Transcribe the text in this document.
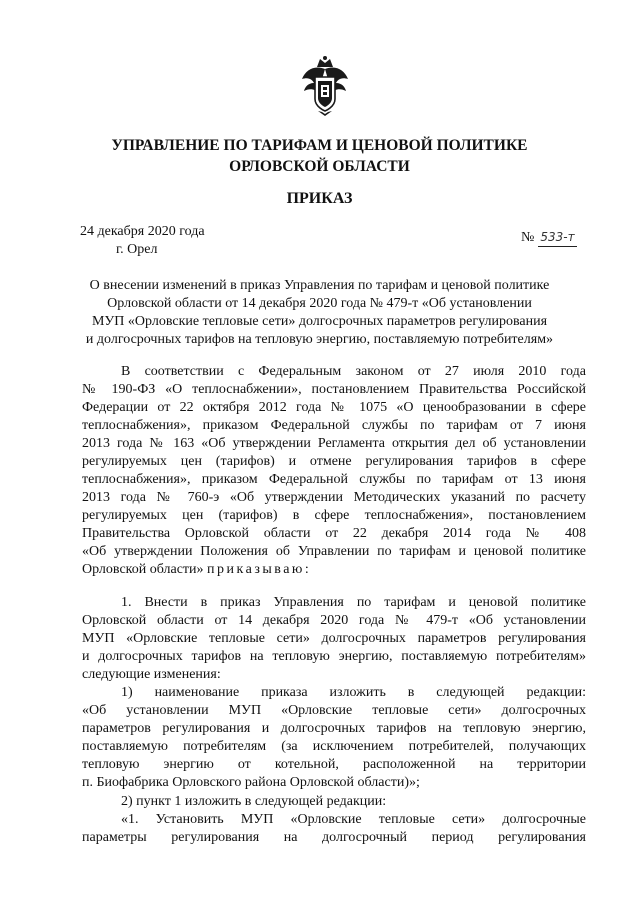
УПРАВЛЕНИЕ ПО ТАРИФАМ И ЦЕНОВОЙ ПОЛИТИКЕ
ОРЛОВСКОЙ ОБЛАСТИ
ПРИКАЗ
24 декабря 2020 года
г. Орел
№ 533-т
О внесении изменений в приказ Управления по тарифам и ценовой политике
Орловской области от 14 декабря 2020 года № 479-т «Об установлении
МУП «Орловские тепловые сети» долгосрочных параметров регулирования
и долгосрочных тарифов на тепловую энергию, поставляемую потребителям»
В соответствии с Федеральным законом от 27 июля 2010 года
№ 190-ФЗ «О теплоснабжении», постановлением Правительства Российской
Федерации от 22 октября 2012 года № 1075 «О ценообразовании в сфере
теплоснабжения», приказом Федеральной службы по тарифам от 7 июня
2013 года № 163 «Об утверждении Регламента открытия дел об установлении
регулируемых цен (тарифов) и отмене регулирования тарифов в сфере
теплоснабжения», приказом Федеральной службы по тарифам от 13 июня
2013 года № 760-э «Об утверждении Методических указаний по расчету
регулируемых цен (тарифов) в сфере теплоснабжения», постановлением
Правительства Орловской области от 22 декабря 2014 года № 408
«Об утверждении Положения об Управлении по тарифам и ценовой политике
Орловской области» приказываю:
1. Внести в приказ Управления по тарифам и ценовой политике
Орловской области от 14 декабря 2020 года № 479-т «Об установлении
МУП «Орловские тепловые сети» долгосрочных параметров регулирования
и долгосрочных тарифов на тепловую энергию, поставляемую потребителям»
следующие изменения:
1) наименование приказа изложить в следующей редакции:
«Об установлении МУП «Орловские тепловые сети» долгосрочных
параметров регулирования и долгосрочных тарифов на тепловую энергию,
поставляемую потребителям (за исключением потребителей, получающих
тепловую энергию от котельной, расположенной на территории
п. Биофабрика Орловского района Орловской области)»;
2) пункт 1 изложить в следующей редакции:
«1. Установить МУП «Орловские тепловые сети» долгосрочные
параметры регулирования на долгосрочный период регулирования
